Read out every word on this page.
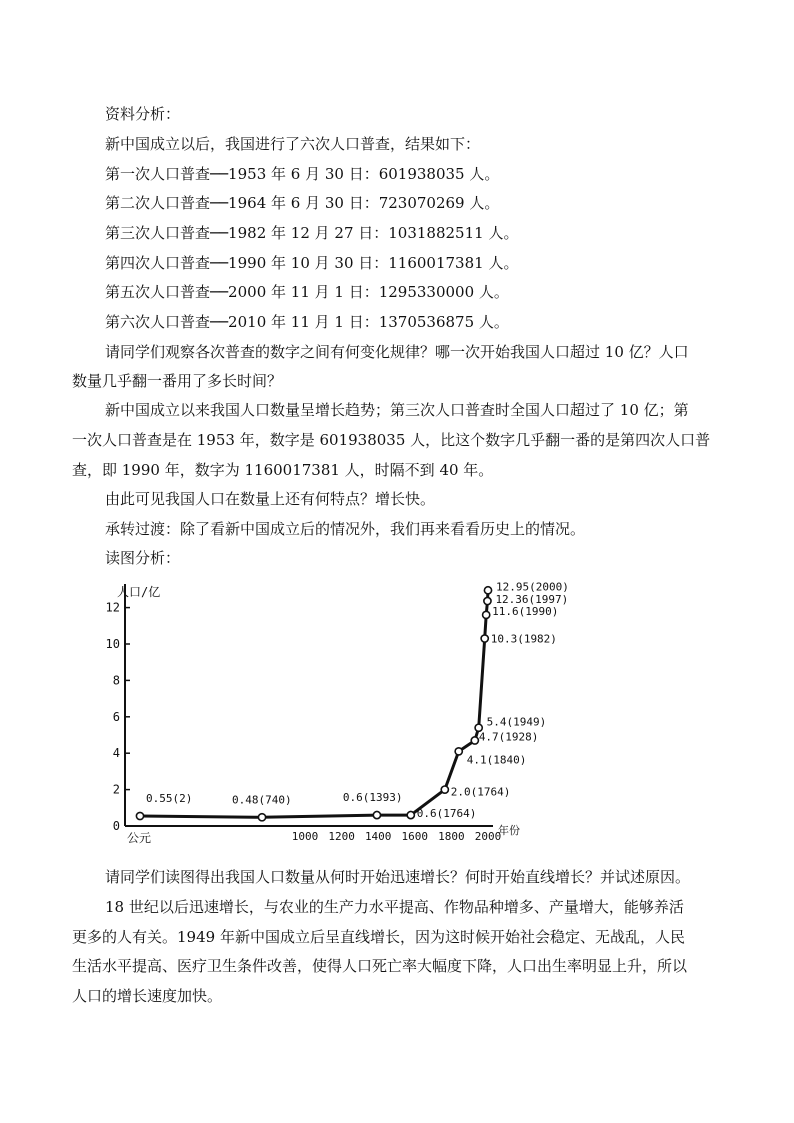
资料分析：
新中国成立以后，我国进行了六次人口普查，结果如下：
第一次人口普查──1953 年 6 月 30 日：601938035 人。
第二次人口普查──1964 年 6 月 30 日：723070269 人。
第三次人口普查──1982 年 12 月 27 日：1031882511 人。
第四次人口普查──1990 年 10 月 30 日：1160017381 人。
第五次人口普查──2000 年 11 月 1 日：1295330000 人。
第六次人口普查──2010 年 11 月 1 日：1370536875 人。
请同学们观察各次普查的数字之间有何变化规律？哪一次开始我国人口超过 10 亿？人口
数量几乎翻一番用了多长时间？
新中国成立以来我国人口数量呈增长趋势；第三次人口普查时全国人口超过了 10 亿；第
一次人口普查是在 1953 年，数字是 601938035 人，比这个数字几乎翻一番的是第四次人口普
查，即 1990 年，数字为 1160017381 人，时隔不到 40 年。
由此可见我国人口在数量上还有何特点？增长快。
承转过渡：除了看新中国成立后的情况外，我们再来看看历史上的情况。
读图分析：
人口/亿
公元
年份
0
2
4
6
8
10
12
1000 1200 1400 1600 1800 2000
0.55(2)	0.48(740)	0.6(1393)
0.6(1764)
2.0(1764)
4.1(1840)
4.7(1928)
5.4(1949)
10.3(1982)
11.6(1990)
12.36(1997)
12.95(2000)
请同学们读图得出我国人口数量从何时开始迅速增长？何时开始直线增长？并试述原因。
18 世纪以后迅速增长，与农业的生产力水平提高、作物品种增多、产量增大，能够养活
更多的人有关。1949 年新中国成立后呈直线增长，因为这时候开始社会稳定、无战乱，人民
生活水平提高、医疗卫生条件改善，使得人口死亡率大幅度下降，人口出生率明显上升，所以
人口的增长速度加快。
